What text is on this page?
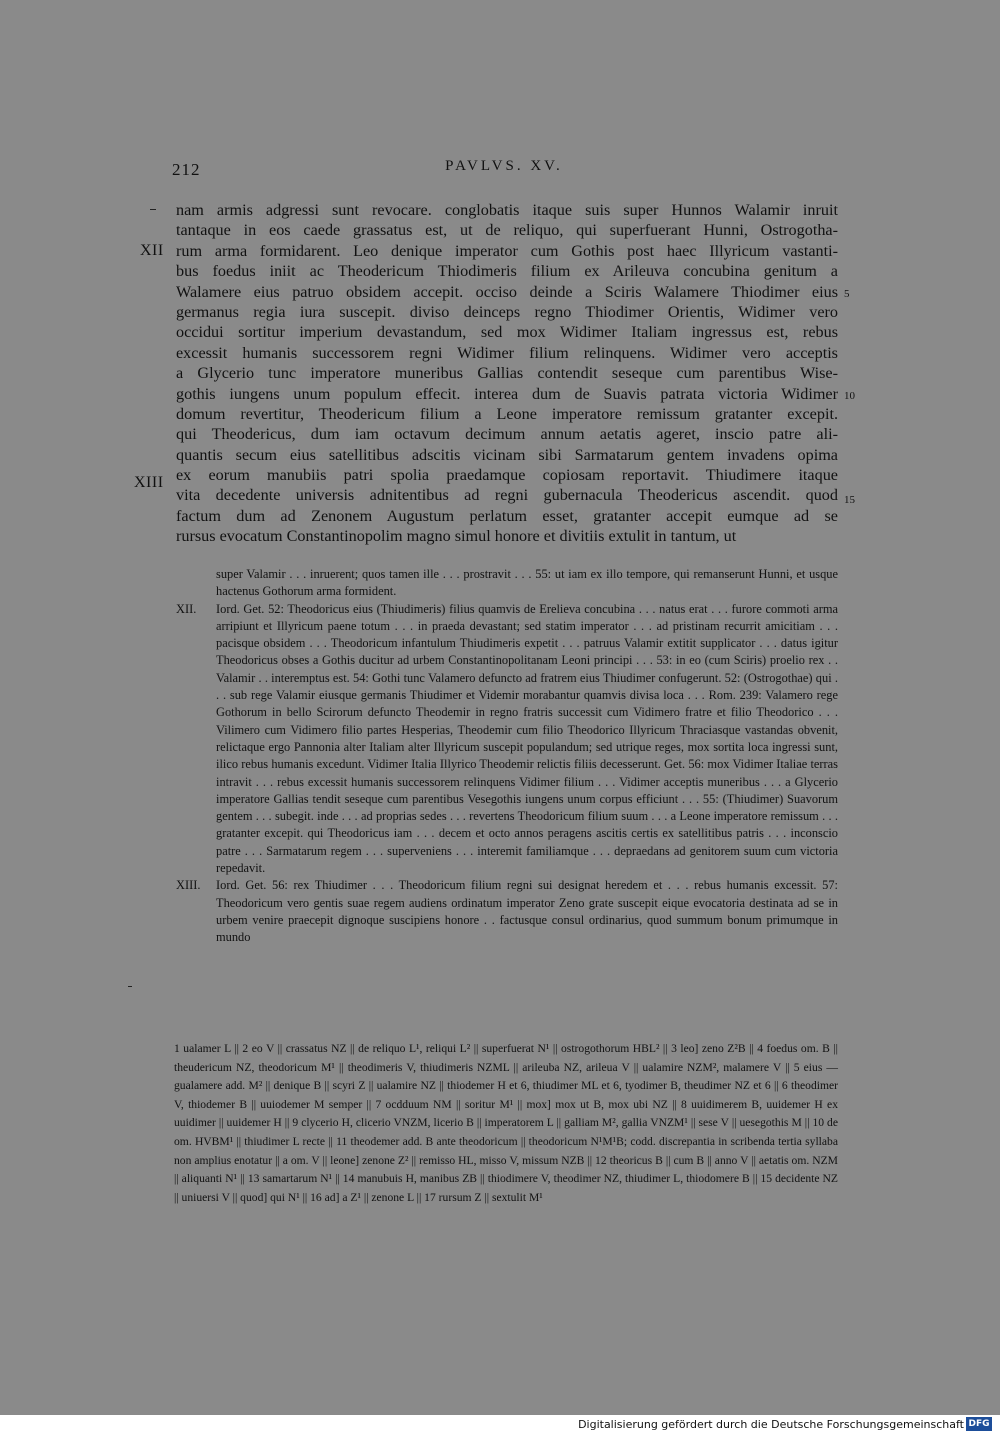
212	PAVLVS. XV.
nam armis adgressi sunt revocare. conglobatis itaque suis super Hunnos Walamir inruit
tantaque in eos caede grassatus est, ut de reliquo, qui superfuerant Hunni, Ostrogotha-
rum arma formidarent. Leo denique imperator cum Gothis post haec Illyricum vastanti-
bus foedus iniit ac Theodericum Thiodimeris filium ex Arileuva concubina genitum a
Walamere eius patruo obsidem accepit. occiso deinde a Sciris Walamere Thiodimer eius
germanus regia iura suscepit. diviso deinceps regno Thiodimer Orientis, Widimer vero
occidui sortitur imperium devastandum, sed mox Widimer Italiam ingressus est, rebus
excessit humanis successorem regni Widimer filium relinquens. Widimer vero acceptis
a Glycerio tunc imperatore muneribus Gallias contendit seseque cum parentibus Wise-
gothis iungens unum populum effecit. interea dum de Suavis patrata victoria Widimer
domum revertitur, Theodericum filium a Leone imperatore remissum gratanter excepit.
qui Theodericus, dum iam octavum decimum annum aetatis ageret, inscio patre ali-
quantis secum eius satellitibus adscitis vicinam sibi Sarmatarum gentem invadens opima
ex eorum manubiis patri spolia praedamque copiosam reportavit. Thiudimere itaque
vita decedente universis adnitentibus ad regni gubernacula Theodericus ascendit. quod
factum dum ad Zenonem Augustum perlatum esset, gratanter accepit eumque ad se
rursus evocatum Constantinopolim magno simul honore et divitiis extulit in tantum, ut
XII
XIII
5
10
15
super Valamir . . . inruerent; quos tamen ille . . . prostravit . . . 55: ut iam ex illo tempore, qui remanserunt Hunni, et usque hactenus Gothorum arma formident.
XII. Iord. Get. 52: Theodoricus eius (Thiudimeris) filius quamvis de Erelieva concubina . . . natus erat . . . furore commoti arma arripiunt et Illyricum paene totum . . . in praeda devastant; sed statim imperator . . . ad pristinam recurrit amicitiam . . . pacisque obsidem . . . Theodoricum infantulum Thiudimeris expetit . . . patruus Valamir extitit supplicator . . . datus igitur Theodoricus obses a Gothis ducitur ad urbem Constantinopolitanam Leoni principi . . . 53: in eo (cum Sciris) proelio rex . . Valamir . . interemptus est. 54: Gothi tunc Valamero defuncto ad fratrem eius Thiudimer confugerunt. 52: (Ostrogothae) qui . . . sub rege Valamir eiusque germanis Thiudimer et Videmir morabantur quamvis divisa loca . . . Rom. 239: Valamero rege Gothorum in bello Scirorum defuncto Theodemir in regno fratris successit cum Vidimero fratre et filio Theodorico . . . Vilimero cum Vidimero filio partes Hesperias, Theodemir cum filio Theodorico Illyricum Thraciasque vastandas obvenit, relictaque ergo Pannonia alter Italiam alter Illyricum suscepit populandum; sed utrique reges, mox sortita loca ingressi sunt, ilico rebus humanis excedunt. Vidimer Italia Illyrico Theodemir relictis filiis decesserunt. Get. 56: mox Vidimer Italiae terras intravit . . . rebus excessit humanis successorem relinquens Vidimer filium . . . Vidimer acceptis muneribus . . . a Glycerio imperatore Gallias tendit seseque cum parentibus Vesegothis iungens unum corpus efficiunt . . . 55: (Thiudimer) Suavorum gentem . . . subegit. inde . . . ad proprias sedes . . . revertens Theodoricum filium suum . . . a Leone imperatore remissum . . . gratanter excepit. qui Theodoricus iam . . . decem et octo annos peragens ascitis certis ex satellitibus patris . . . inconscio patre . . . Sarmatarum regem . . . superveniens . . . interemit familiamque . . . depraedans ad genitorem suum cum victoria repedavit.
XIII. Iord. Get. 56: rex Thiudimer . . . Theodoricum filium regni sui designat heredem et . . . rebus humanis excessit. 57: Theodoricum vero gentis suae regem audiens ordinatum imperator Zeno grate suscepit eique evocatoria destinata ad se in urbem venire praecepit dignoque suscipiens honore . . factusque consul ordinarius, quod summum bonum primumque in mundo
1 ualamer L || 2 eo V || crassatus NZ || de reliquo L¹, reliqui L² || superfuerat N¹ || ostrogothorum HBL² || 3 leo] zeno Z²B || 4 foedus om. B || theudericum NZ, theodoricum M¹ || theodimeris V, thiudimeris NZML || arileuba NZ, arileua V || ualamire NZM², malamere V || 5 eius — gualamere add. M² || denique B || scyri Z || ualamire NZ || thiodemer H et 6, thiudimer ML et 6, tyodimer B, theudimer NZ et 6 || 6 theodimer V, thiodemer B || uuiodemer M semper || 7 ocdduum NM || soritur M¹ || mox] mox ut B, mox ubi NZ || 8 uuidimerem B, uuidemer H ex uuidimer || uuidemer H || 9 clycerio H, clicerio VNZM, licerio B || imperatorem L || galliam M², gallia VNZM¹ || sese V || uesegothis M || 10 de om. HVBM¹ || thiudimer L recte || 11 theodemer add. B ante theodoricum || theodoricum N¹M¹B; codd. discrepantia in scribenda tertia syllaba non amplius enotatur || a om. V || leone] zenone Z² || remisso HL, misso V, missum NZB || 12 theoricus B || cum B || anno V || aetatis om. NZM || aliquanti N¹ || 13 samartarum N¹ || 14 manubuis H, manibus ZB || thiodimere V, theodimer NZ, thiudimer L, thiodomere B || 15 decidente NZ || uniuersi V || quod] qui N¹ || 16 ad] a Z¹ || zenone L || 17 rursum Z || sextulit M¹
Digitalisierung gefördert durch die Deutsche Forschungsgemeinschaft DFG
